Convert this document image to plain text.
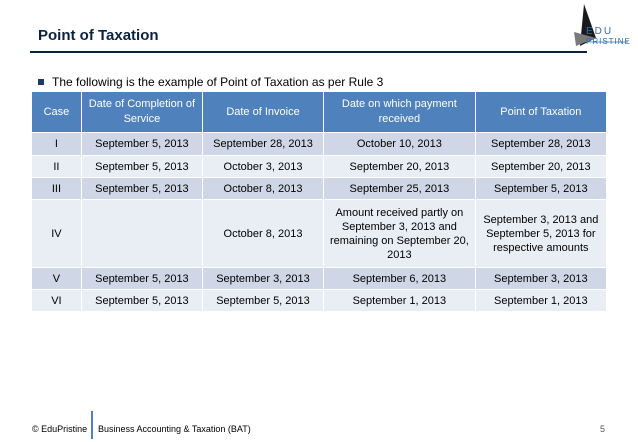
Point of Taxation	EDU
PRISTINE
The following is the example of Point of Taxation as per Rule 3
Case	Date of Completion of Service	Date of Invoice	Date on which payment received	Point of Taxation
I	September 5, 2013	September 28, 2013	October 10, 2013	September 28, 2013
II	September 5, 2013	October 3, 2013	September 20, 2013	September 20, 2013
III	September 5, 2013	October 8, 2013	September 25, 2013	September 5, 2013
IV		October 8, 2013	Amount received partly on September 3, 2013 and remaining on September 20, 2013	September 3, 2013 and September 5, 2013 for respective amounts
V	September 5, 2013	September 3, 2013	September 6, 2013	September 3, 2013
VI	September 5, 2013	September 5, 2013	September 1, 2013	September 1, 2013
© EduPristine Business Accounting & Taxation (BAT)	5
